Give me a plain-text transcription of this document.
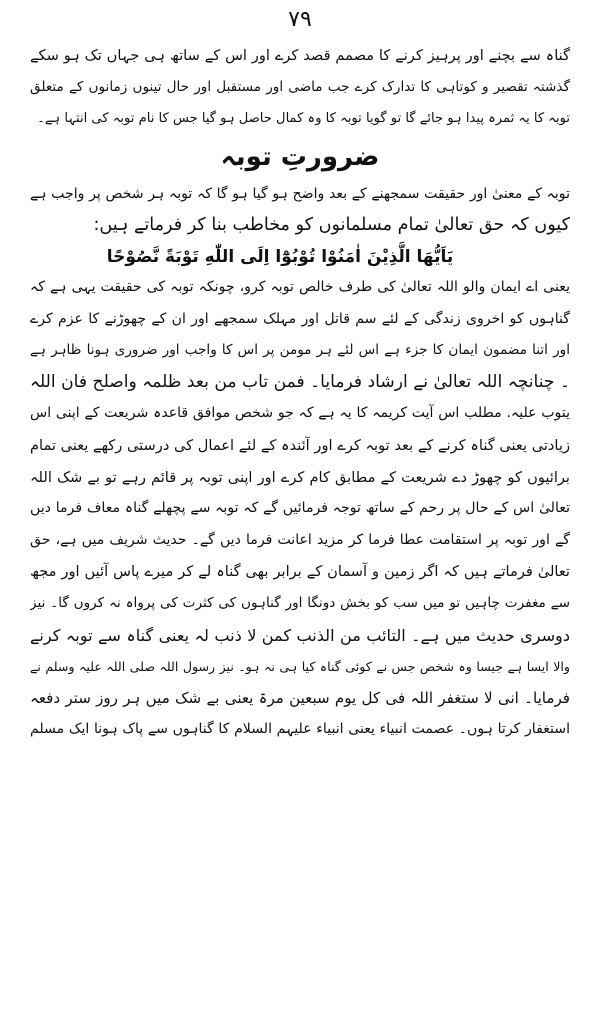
۷۹
گناہ سے بچنے اور پرہیز کرنے کا مصمم قصد کرے اور اس کے ساتھ ہی جہاں تک ہو سکے
گذشتہ تقصیر و کوتاہی کا تدارک کرے جب ماضی اور مستقبل اور حال تینوں زمانوں کے متعلق
توبہ کا یہ ثمرہ پیدا ہو جائے گا تو گویا توبہ کا وہ کمال حاصل ہو گیا جس کا نام توبہ کی انتہا ہے۔
ضرورتِ توبہ
توبہ کے معنیٰ اور حقیقت سمجھنے کے بعد واضح ہو گیا ہو گا کہ توبہ ہر شخص پر واجب ہے
کیوں کہ حق تعالیٰ تمام مسلمانوں کو مخاطب بنا کر فرماتے ہیں:
يَاَيُّهَا الَّذِيْنَ اٰمَنُوْا تُوْبُوْٓا اِلَى اللّٰهِ تَوْبَةً نَّصُوْحًا
یعنی اے ایمان والو اللہ تعالیٰ کی طرف خالص توبہ کرو، چونکہ توبہ کی حقیقت یہی ہے کہ
گناہوں کو اخروی زندگی کے لئے سم قاتل اور مہلک سمجھے اور ان کے چھوڑنے کا عزم کرے
اور اتنا مضمون ایمان کا جزء ہے اس لئے ہر مومن پر اس کا واجب اور ضروری ہونا ظاہر ہے
۔ چنانچہ اللہ تعالیٰ نے ارشاد فرمایا۔ فمن تاب من بعد ظلمہ واصلح فان اللہ
یتوب علیہ. مطلب اس آیت کریمہ کا یہ ہے کہ جو شخص موافق قاعدہ شریعت کے اپنی اس
زیادتی یعنی گناہ کرنے کے بعد توبہ کرے اور آئندہ کے لئے اعمال کی درستی رکھے یعنی تمام
برائیوں کو چھوڑ دے شریعت کے مطابق کام کرے اور اپنی توبہ پر قائم رہے تو بے شک اللہ
تعالیٰ اس کے حال پر رحم کے ساتھ توجہ فرمائیں گے کہ توبہ سے پچھلے گناہ معاف فرما دیں
گے اور توبہ پر استقامت عطا فرما کر مزید اعانت فرما دیں گے۔ حدیث شریف میں ہے، حق
تعالیٰ فرماتے ہیں کہ اگر زمین و آسمان کے برابر بھی گناہ لے کر میرے پاس آئیں اور مجھ
سے مغفرت چاہیں تو میں سب کو بخش دونگا اور گناہوں کی کثرت کی پرواہ نہ کروں گا۔ نیز
دوسری حدیث میں ہے۔ التائب من الذنب کمن لا ذنب لہ یعنی گناہ سے توبہ کرنے
والا ایسا ہے جیسا وہ شخص جس نے کوئی گناہ کیا ہی نہ ہو۔ نیز رسول اللہ صلی اللہ علیہ وسلم نے
فرمایا۔ انی لا ستغفر اللہ فی کل یوم سبعین مرۃ یعنی بے شک میں ہر روز ستر دفعہ
استغفار کرتا ہوں۔ عصمت انبیاء یعنی انبیاء علیہم السلام کا گناہوں سے پاک ہونا ایک مسلم
